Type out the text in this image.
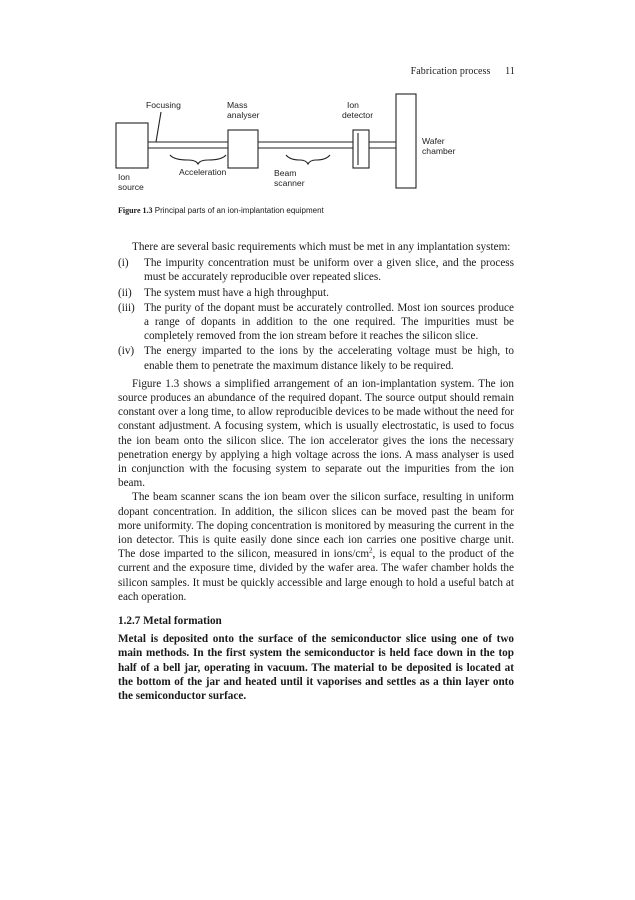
Fabrication process 11
Focusing	Mass
analyser
Ion
detector
Wafer
chamber
Acceleration	Beam
scanner
Ion
source
Figure 1.3 Principal parts of an ion-implantation equipment

There are several basic requirements which must be met in any implantation system:

(i)	The impurity concentration must be uniform over a given slice, and the process must be accurately reproducible over repeated slices.
(ii)	The system must have a high throughput.
(iii) The purity of the dopant must be accurately controlled. Most ion sources produce a range of dopants in addition to the one required. The impurities must be completely removed from the ion stream before it reaches the silicon slice.
(iv) The energy imparted to the ions by the accelerating voltage must be high, to enable them to penetrate the maximum distance likely to be required.

Figure 1.3 shows a simplified arrangement of an ion-implantation system. The ion source produces an abundance of the required dopant. The source output should remain constant over a long time, to allow reproducible devices to be made without the need for constant adjustment. A focusing system, which is usually electrostatic, is used to focus the ion beam onto the silicon slice. The ion accelerator gives the ions the necessary penetration energy by applying a high voltage across the ions. A mass analyser is used in conjunction with the focusing system to separate out the impurities from the ion beam.

The beam scanner scans the ion beam over the silicon surface, resulting in uniform dopant concentration. In addition, the silicon slices can be moved past the beam for more uniformity. The doping concentration is monitored by measuring the current in the ion detector. This is quite easily done since each ion carries one positive charge unit. The dose imparted to the silicon, measured in ions/$cm^2$, is equal to the product of the current and the exposure time, divided by the wafer area. The wafer chamber holds the silicon samples. It must be quickly accessible and large enough to hold a useful batch at each operation.

1.2.7 Metal formation

Metal is deposited onto the surface of the semiconductor slice using one of two main methods. In the first system the semiconductor is held face down in the top half of a bell jar, operating in vacuum. The material to be deposited is located at the bottom of the jar and heated until it vaporises and settles as a thin layer onto the semiconductor surface.
